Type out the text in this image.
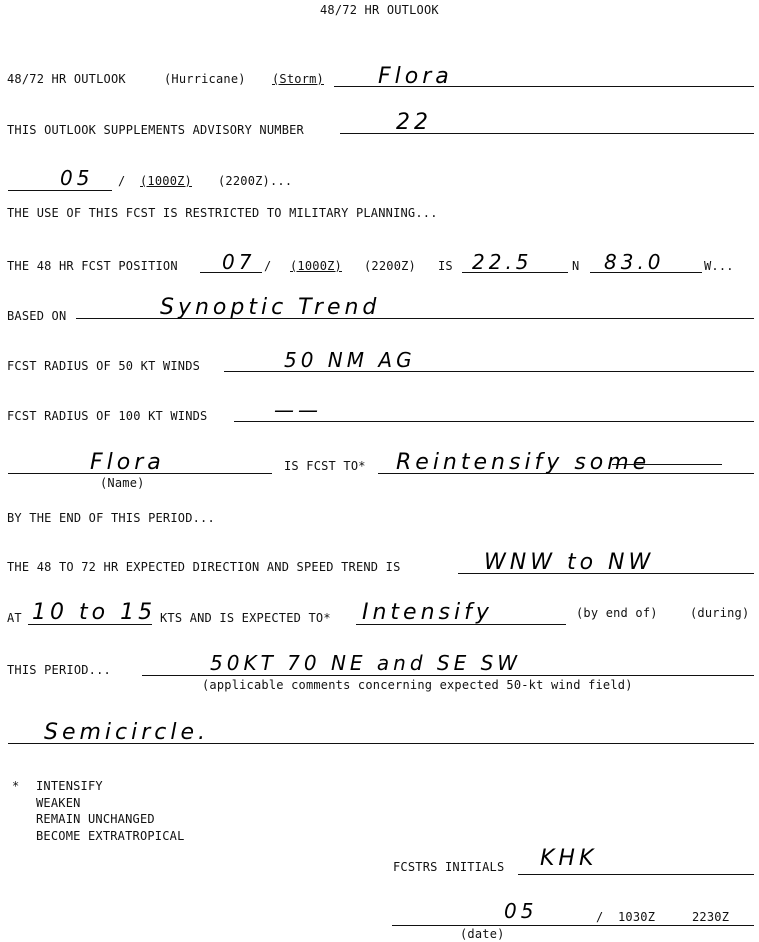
48/72 HR OUTLOOK
48/72 HR OUTLOOK	(Hurricane) (Storm) Flora
THIS OUTLOOK SUPPLEMENTS ADVISORY NUMBER	22
05 / (1000Z) (2200Z)...
THE USE OF THIS FCST IS RESTRICTED TO MILITARY PLANNING...
THE 48 HR FCST POSITION 07 / (1000Z) (2200Z) IS 22.5	N 83.0	W...
BASED ON	Synoptic Trend
FCST RADIUS OF 50 KT WINDS	50 NM AG
FCST RADIUS OF 100 KT WINDS	——
Flora
(Name)
IS FCST TO* Reintensify some
BY THE END OF THIS PERIOD...
THE 48 TO 72 HR EXPECTED DIRECTION AND SPEED TREND IS	WNW to NW
AT 10 to 15 KTS AND IS EXPECTED TO* Intensify	(by end of)	(during)
THIS PERIOD...	50KT 70 NE and SE SW
(applicable comments concerning expected 50-kt wind field)
Semicircle.
* INTENSIFY
WEAKEN
REMAIN UNCHANGED
BECOME EXTRATROPICAL
FCSTRS INITIALS KHK
05	/ 1030Z	2230Z
(date)
